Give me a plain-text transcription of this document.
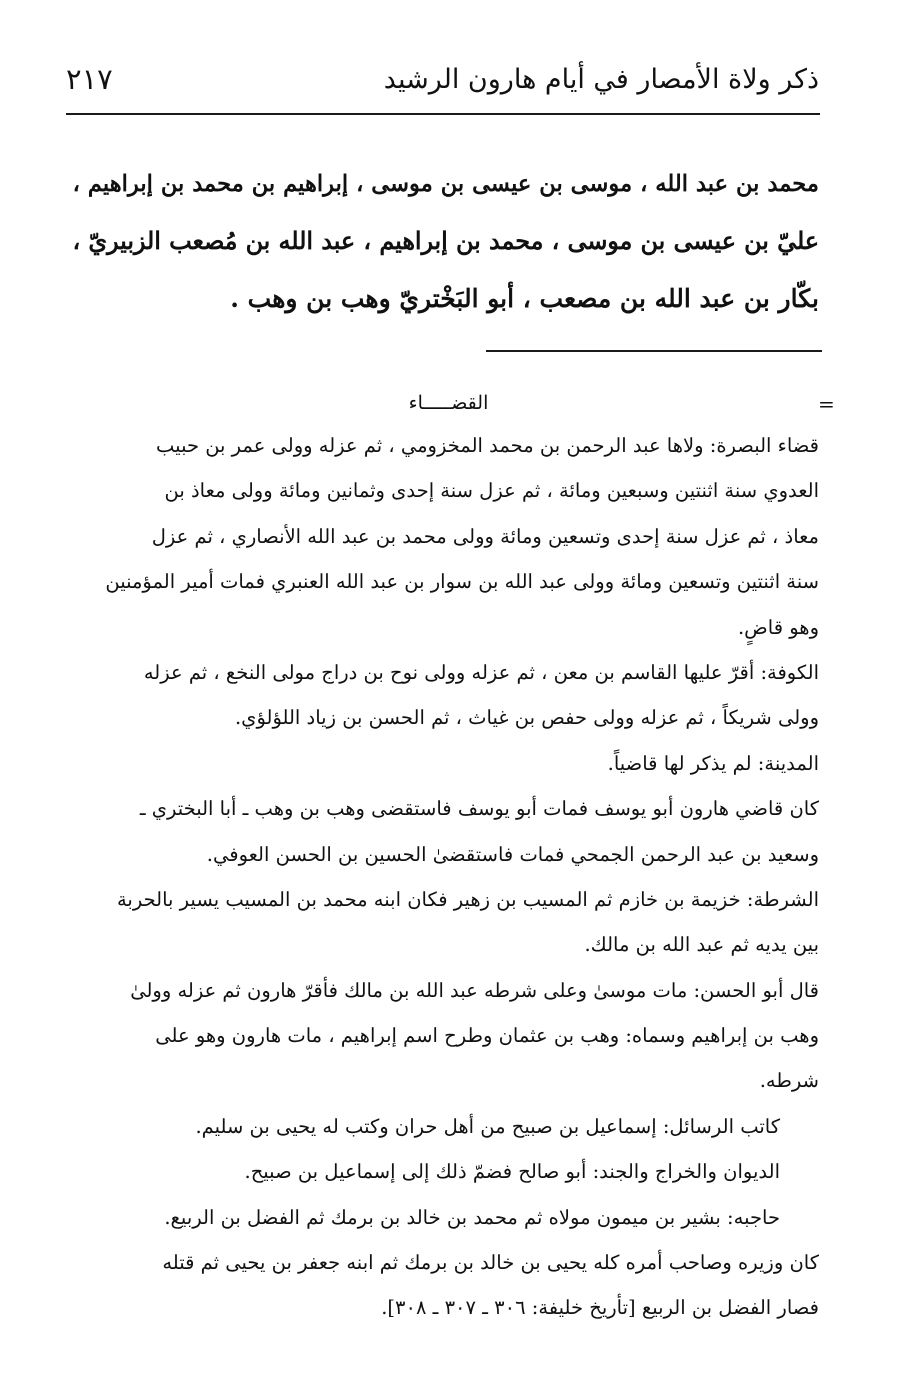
ذكر ولاة الأمصار في أيام هارون الرشيد
٢١٧

محمد بن عبد الله ، موسى بن عيسى بن موسى ، إبراهيم بن محمد بن إبراهيم ،

عليّ بن عيسى بن موسى ، محمد بن إبراهيم ، عبد الله بن مُصعب الزبيريّ ،

بكّار بن عبد الله بن مصعب ، أبو البَخْتريّ وهب بن وهب .

=
القضـــــاء

قضاء البصرة: ولاها عبد الرحمن بن محمد المخزومي ، ثم عزله وولى عمر بن حبيب

العدوي سنة اثنتين وسبعين ومائة ، ثم عزل سنة إحدى وثمانين ومائة وولى معاذ بن

معاذ ، ثم عزل سنة إحدى وتسعين ومائة وولى محمد بن عبد الله الأنصاري ، ثم عزل

سنة اثنتين وتسعين ومائة وولى عبد الله بن سوار بن عبد الله العنبري فمات أمير المؤمنين

وهو قاضٍ.

الكوفة: أقرّ عليها القاسم بن معن ، ثم عزله وولى نوح بن دراج مولى النخع ، ثم عزله

وولى شريكاً ، ثم عزله وولى حفص بن غياث ، ثم الحسن بن زياد اللؤلؤي.

المدينة: لم يذكر لها قاضياً.

كان قاضي هارون أبو يوسف فمات أبو يوسف فاستقضى وهب بن وهب ـ أبا البختري ـ

وسعيد بن عبد الرحمن الجمحي فمات فاستقضىٰ الحسين بن الحسن العوفي.

الشرطة: خزيمة بن خازم ثم المسيب بن زهير فكان ابنه محمد بن المسيب يسير بالحربة

بين يديه ثم عبد الله بن مالك.

قال أبو الحسن: مات موسىٰ وعلى شرطه عبد الله بن مالك فأقرّ هارون ثم عزله وولىٰ

وهب بن إبراهيم وسماه: وهب بن عثمان وطرح اسم إبراهيم ، مات هارون وهو على

شرطه.

كاتب الرسائل: إسماعيل بن صبيح من أهل حران وكتب له يحيى بن سليم.

الديوان والخراج والجند: أبو صالح فضمّ ذلك إلى إسماعيل بن صبيح.

حاجبه: بشير بن ميمون مولاه ثم محمد بن خالد بن برمك ثم الفضل بن الربيع.

كان وزيره وصاحب أمره كله يحيى بن خالد بن برمك ثم ابنه جعفر بن يحيى ثم قتله

فصار الفضل بن الربيع [تأريخ خليفة: ٣٠٦ ـ ٣٠٧ ـ ٣٠٨].
